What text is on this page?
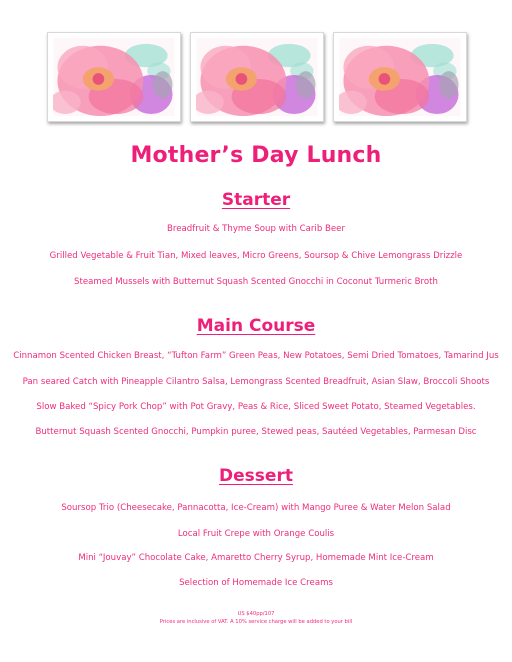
Mother’s Day Lunch
Starter

Breadfruit & Thyme Soup with Carib Beer

Grilled Vegetable & Fruit Tian, Mixed leaves, Micro Greens, Soursop & Chive Lemongrass Drizzle

Steamed Mussels with Butternut Squash Scented Gnocchi in Coconut Turmeric Broth

Main Course

Cinnamon Scented Chicken Breast, “Tufton Farm” Green Peas, New Potatoes, Semi Dried Tomatoes, Tamarind Jus

Pan seared Catch with Pineapple Cilantro Salsa, Lemongrass Scented Breadfruit, Asian Slaw, Broccoli Shoots

Slow Baked “Spicy Pork Chop” with Pot Gravy, Peas & Rice, Sliced Sweet Potato, Steamed Vegetables.

Butternut Squash Scented Gnocchi, Pumpkin puree, Stewed peas, Sautéed Vegetables, Parmesan Disc

Dessert

Soursop Trio (Cheesecake, Pannacotta, Ice-Cream) with Mango Puree & Water Melon Salad

Local Fruit Crepe with Orange Coulis

Mini “Jouvay” Chocolate Cake, Amaretto Cherry Syrup, Homemade Mint Ice-Cream

Selection of Homemade Ice Creams

US $40pp/107

Prices are inclusive of VAT. A 10% service charge will be added to your bill
